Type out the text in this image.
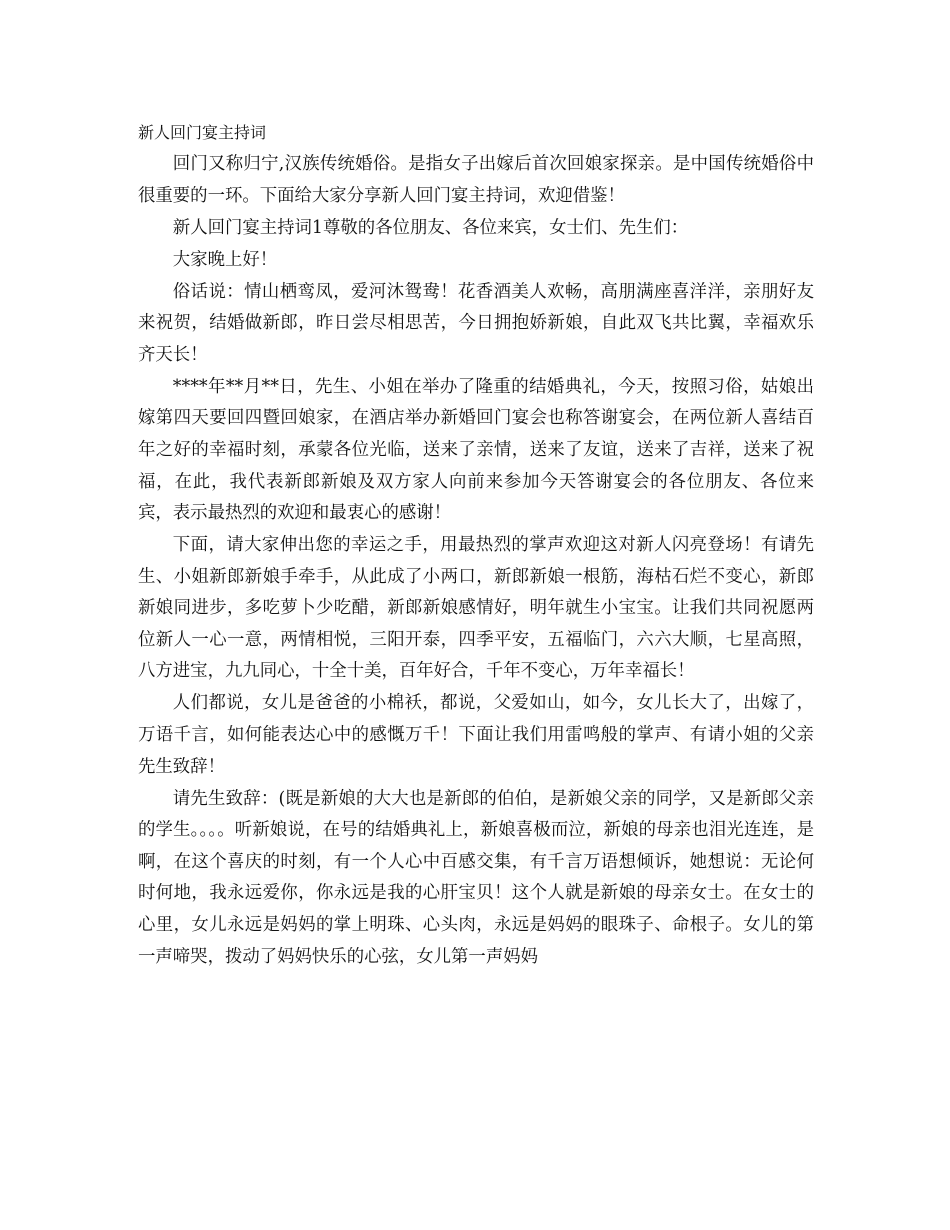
新人回门宴主持词

回门又称归宁,汉族传统婚俗。是指女子出嫁后首次回娘家探亲。是中国传统婚俗中很重要的一环。下面给大家分享新人回门宴主持词，欢迎借鉴！

新人回门宴主持词1尊敬的各位朋友、各位来宾，女士们、先生们：

大家晚上好！

俗话说：情山栖鸾凤，爱河沐鸳鸯！花香酒美人欢畅，高朋满座喜洋洋，亲朋好友来祝贺，结婚做新郎，昨日尝尽相思苦，今日拥抱娇新娘，自此双飞共比翼，幸福欢乐齐天长！

****年**月**日，先生、小姐在举办了隆重的结婚典礼，今天，按照习俗，姑娘出嫁第四天要回四暨回娘家，在酒店举办新婚回门宴会也称答谢宴会，在两位新人喜结百年之好的幸福时刻，承蒙各位光临，送来了亲情，送来了友谊，送来了吉祥，送来了祝福，在此，我代表新郎新娘及双方家人向前来参加今天答谢宴会的各位朋友、各位来宾，表示最热烈的欢迎和最衷心的感谢！

下面，请大家伸出您的幸运之手，用最热烈的掌声欢迎这对新人闪亮登场！有请先生、小姐新郎新娘手牵手，从此成了小两口，新郎新娘一根筋，海枯石烂不变心，新郎新娘同进步，多吃萝卜少吃醋，新郎新娘感情好，明年就生小宝宝。让我们共同祝愿两位新人一心一意，两情相悦，三阳开泰，四季平安，五福临门，六六大顺，七星高照，八方进宝，九九同心，十全十美，百年好合，千年不变心，万年幸福长！

人们都说，女儿是爸爸的小棉袄，都说，父爱如山，如今，女儿长大了，出嫁了，万语千言，如何能表达心中的感慨万千！下面让我们用雷鸣般的掌声、有请小姐的父亲先生致辞！

请先生致辞：(既是新娘的大大也是新郎的伯伯，是新娘父亲的同学，又是新郎父亲的学生。。。。听新娘说，在号的结婚典礼上，新娘喜极而泣，新娘的母亲也泪光连连，是啊，在这个喜庆的时刻，有一个人心中百感交集，有千言万语想倾诉，她想说：无论何时何地，我永远爱你，你永远是我的心肝宝贝！这个人就是新娘的母亲女士。在女士的心里，女儿永远是妈妈的掌上明珠、心头肉，永远是妈妈的眼珠子、命根子。女儿的第一声啼哭，拨动了妈妈快乐的心弦，女儿第一声妈妈
